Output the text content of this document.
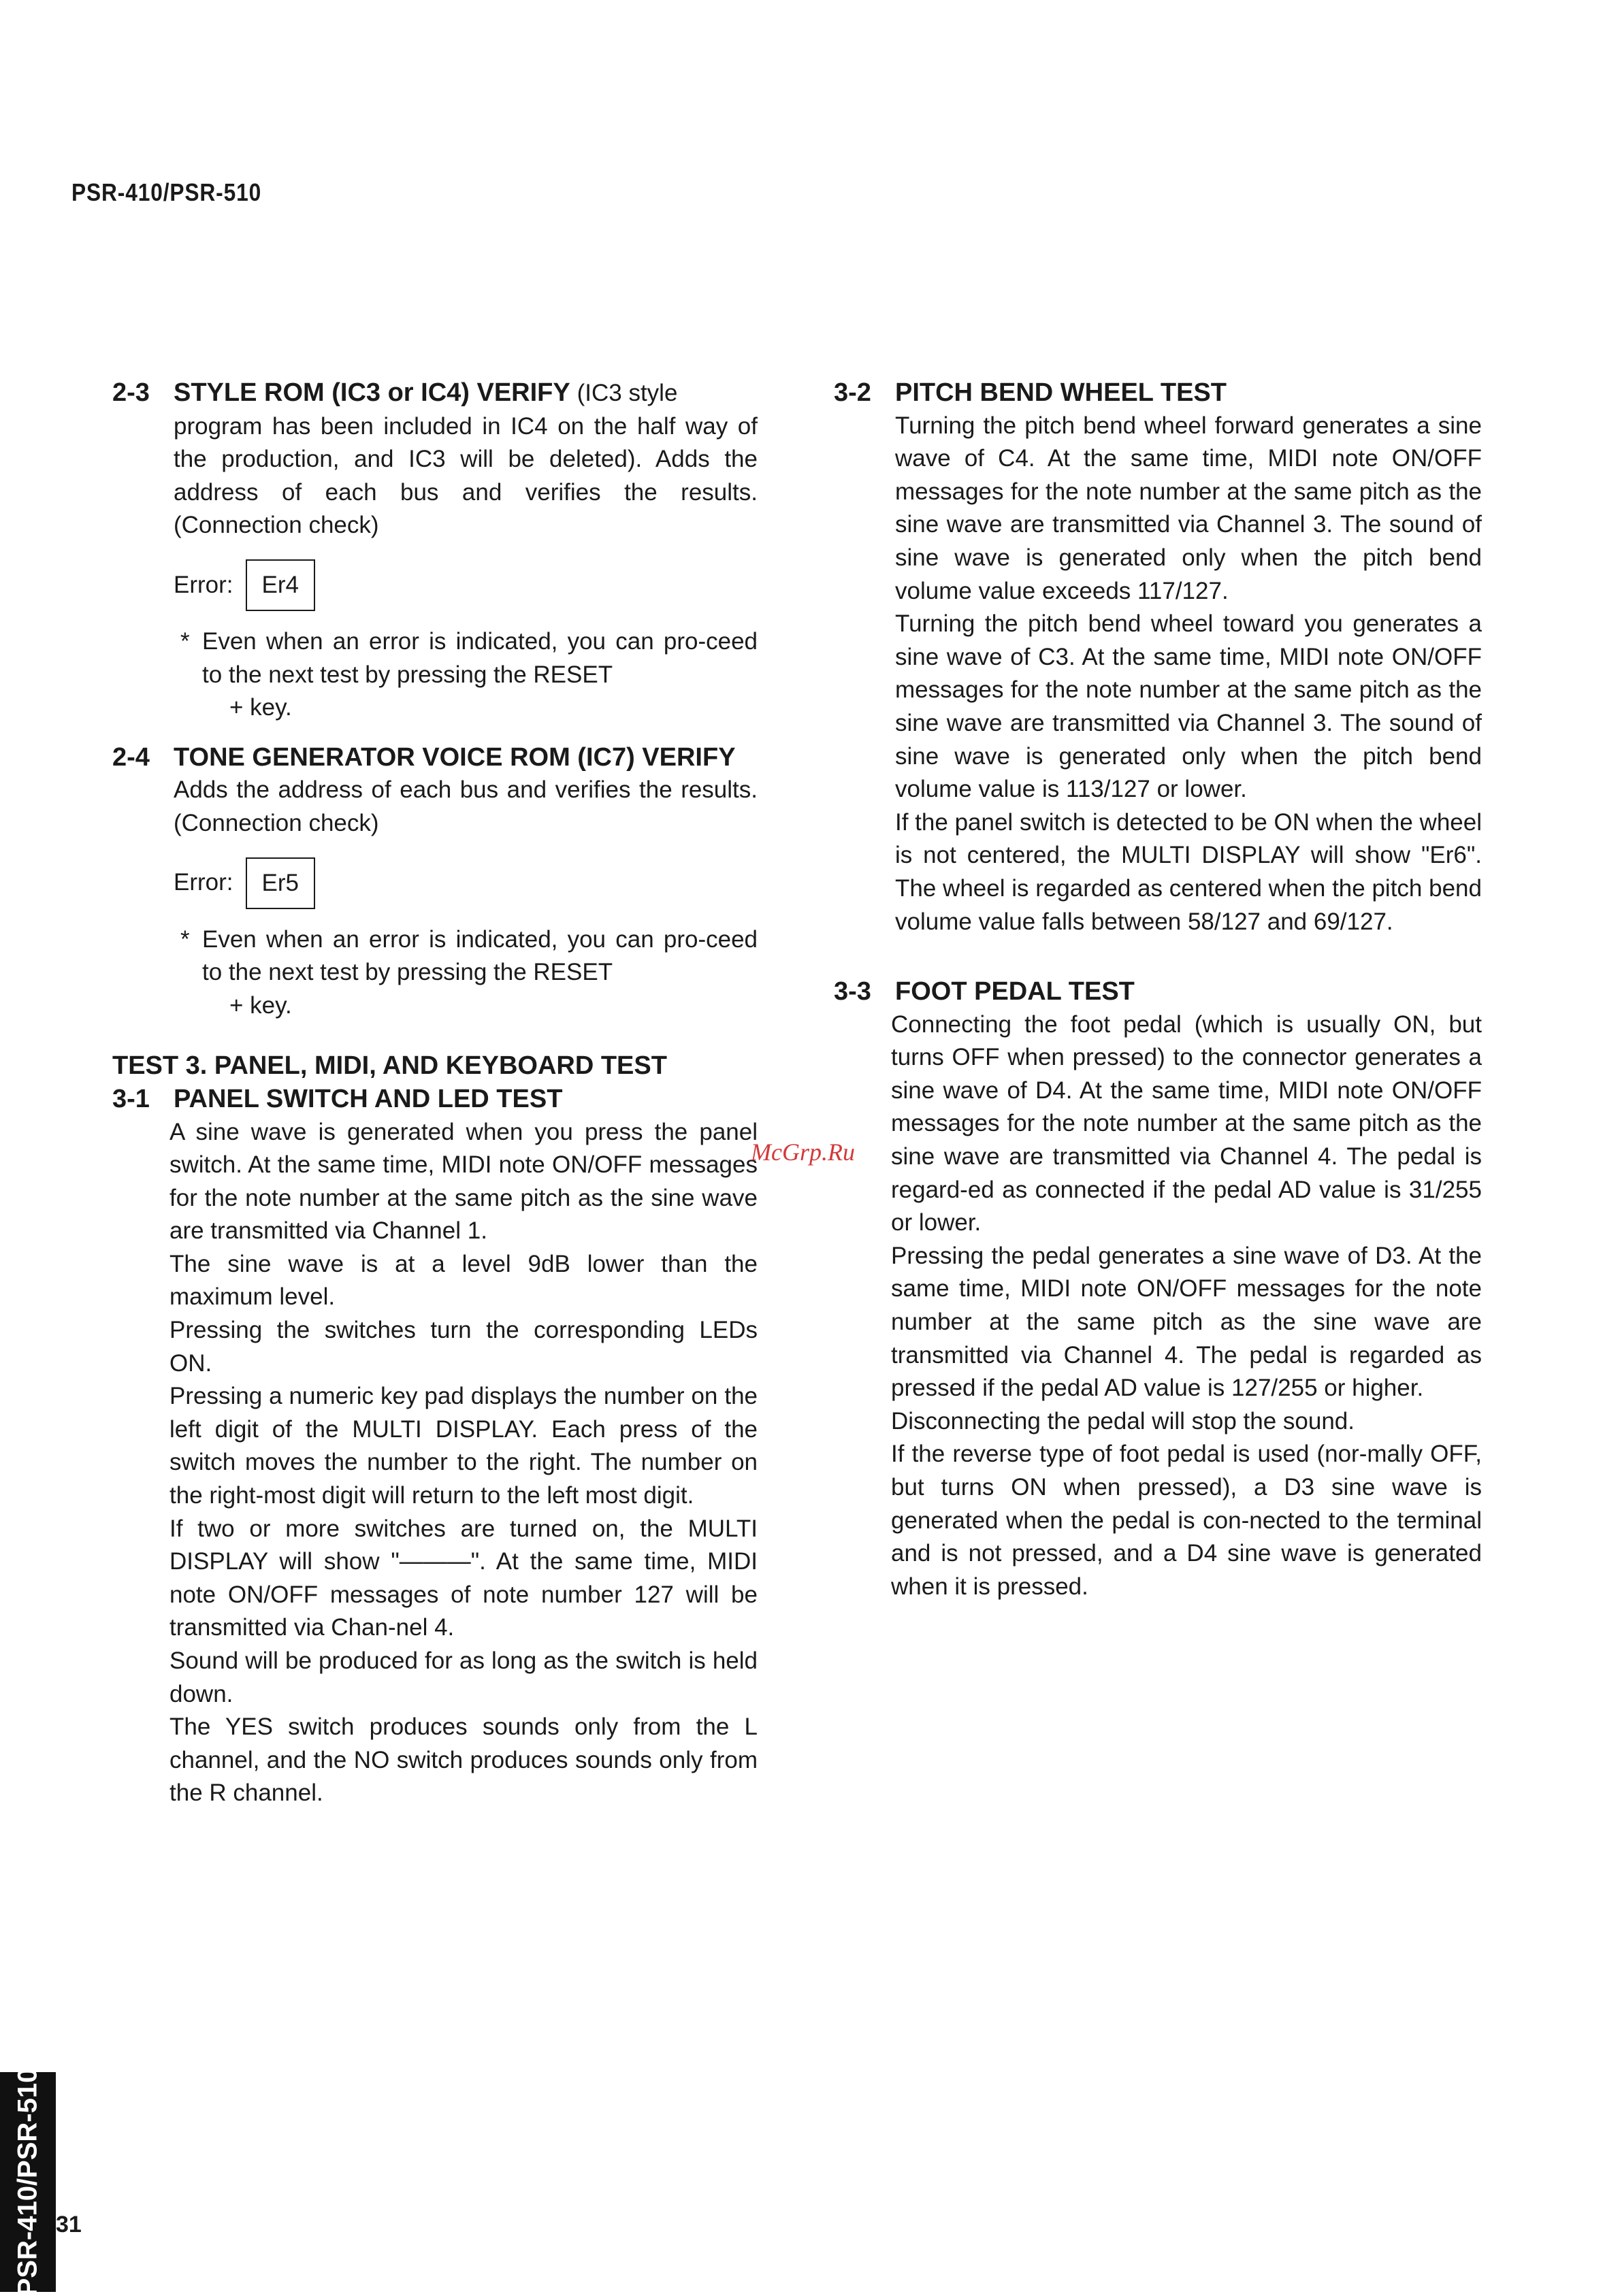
PSR-410/PSR-510
2-3 STYLE ROM (IC3 or IC4) VERIFY (IC3 style

program has been included in IC4 on the half way of the production, and IC3 will be deleted). Adds the address of each bus and verifies the results. (Connection check)

Error:	Er4
* Even when an error is indicated, you can pro-ceed to the next test by pressing the RESET
+ key.
2-4 TONE GENERATOR VOICE ROM (IC7) VERIFY

Adds the address of each bus and verifies the results. (Connection check)

Error:	Er5
* Even when an error is indicated, you can pro-ceed to the next test by pressing the RESET
+ key.
TEST 3. PANEL, MIDI, AND KEYBOARD TEST
3-1 PANEL SWITCH AND LED TEST

A sine wave is generated when you press the panel switch. At the same time, MIDI note ON/OFF messages for the note number at the same pitch as the sine wave are transmitted via Channel 1.

The sine wave is at a level 9dB lower than the maximum level.

Pressing the switches turn the corresponding LEDs ON.

Pressing a numeric key pad displays the number on the left digit of the MULTI DISPLAY. Each press of the switch moves the number to the right. The number on the right-most digit will return to the left most digit.

If two or more switches are turned on, the MULTI DISPLAY will show "———". At the same time, MIDI note ON/OFF messages of note number 127 will be transmitted via Chan-nel 4.

Sound will be produced for as long as the switch is held down.

The YES switch produces sounds only from the L channel, and the NO switch produces sounds only from the R channel.

3-2 PITCH BEND WHEEL TEST

Turning the pitch bend wheel forward generates a sine wave of C4. At the same time, MIDI note ON/OFF messages for the note number at the same pitch as the sine wave are transmitted via Channel 3. The sound of sine wave is generated only when the pitch bend volume value exceeds 117/127.

Turning the pitch bend wheel toward you generates a sine wave of C3. At the same time, MIDI note ON/OFF messages for the note number at the same pitch as the sine wave are transmitted via Channel 3. The sound of sine wave is generated only when the pitch bend volume value is 113/127 or lower.

If the panel switch is detected to be ON when the wheel is not centered, the MULTI DISPLAY will show "Er6". The wheel is regarded as centered when the pitch bend volume value falls between 58/127 and 69/127.

3-3 FOOT PEDAL TEST

Connecting the foot pedal (which is usually ON, but turns OFF when pressed) to the connector generates a sine wave of D4. At the same time, MIDI note ON/OFF messages for the note number at the same pitch as the sine wave are transmitted via Channel 4. The pedal is regard-ed as connected if the pedal AD value is 31/255 or lower.

Pressing the pedal generates a sine wave of D3. At the same time, MIDI note ON/OFF messages for the note number at the same pitch as the sine wave are transmitted via Channel 4. The pedal is regarded as pressed if the pedal AD value is 127/255 or higher.

Disconnecting the pedal will stop the sound.

If the reverse type of foot pedal is used (nor-mally OFF, but turns ON when pressed), a D3 sine wave is generated when the pedal is con-nected to the terminal and is not pressed, and a D4 sine wave is generated when it is pressed.

McGrp.Ru
PSR-410/PSR-510 31
